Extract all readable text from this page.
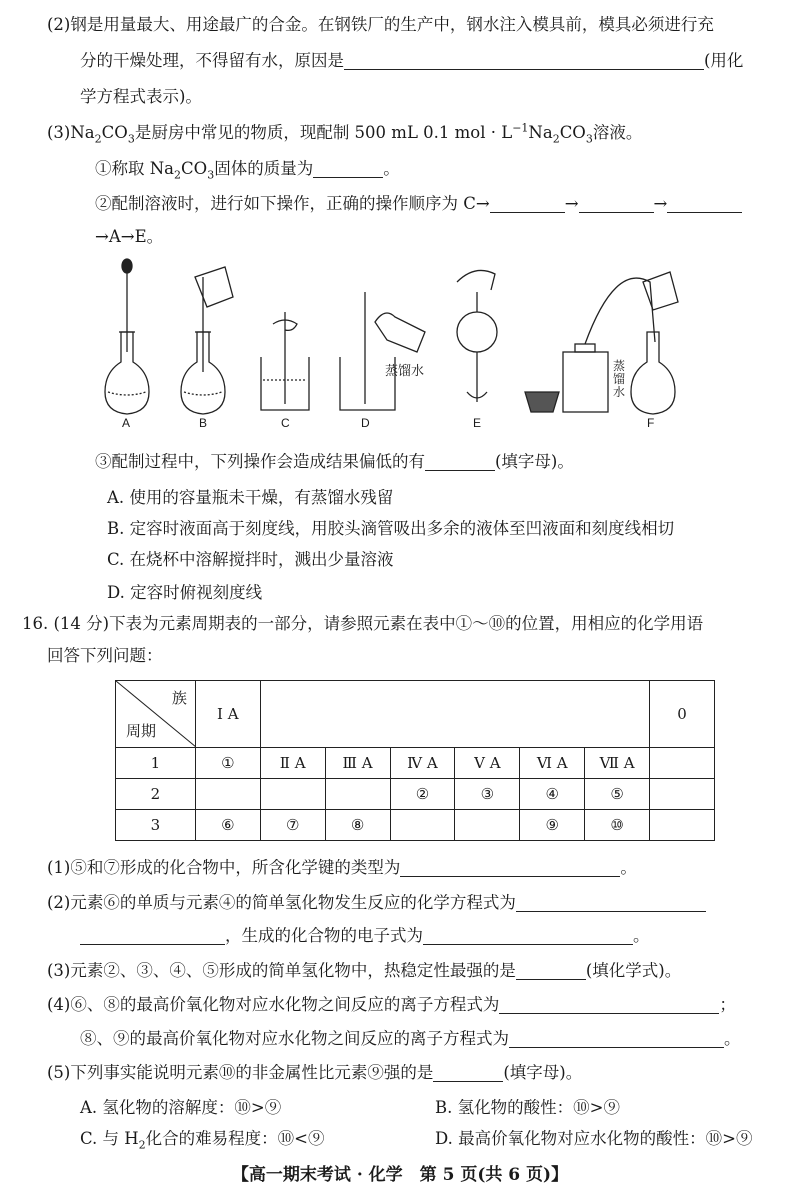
(2)钢是用量最大、用途最广的合金。在钢铁厂的生产中，钢水注入模具前，模具必须进行充
分的干燥处理，不得留有水，原因是	(用化
学方程式表示)。
$(3)Na_2CO_3$是厨房中常见的物质，现配制 500 mL 0.1 mol · $L^{-1}Na_2CO_3$溶液。
①称取 $Na_2CO_3$固体的质量为	。
②配制溶液时，进行如下操作，正确的操作顺序为 C→	→	→
→A→E。
A	B	C	D	E	F
蒸馏水	蒸
馏
水
③配制过程中，下列操作会造成结果偏低的有	(填字母)。
A. 使用的容量瓶未干燥，有蒸馏水残留
B. 定容时液面高于刻度线，用胶头滴管吸出多余的液体至凹液面和刻度线相切
C. 在烧杯中溶解搅拌时，溅出少量溶液
D. 定容时俯视刻度线
16. (14 分)下表为元素周期表的一部分，请参照元素在表中①～⑩的位置，用相应的化学用语
回答下列问题：
族
周期	Ⅰ A							0
1	①	Ⅱ A	Ⅲ A	Ⅳ A	Ⅴ A	Ⅵ A	Ⅶ A	
2				②	③	④	⑤	
3	⑥	⑦	⑧			⑨	⑩	
(1)⑤和⑦形成的化合物中，所含化学键的类型为	。
(2)元素⑥的单质与元素④的简单氢化物发生反应的化学方程式为
，生成的化合物的电子式为	。
(3)元素②、③、④、⑤形成的简单氢化物中，热稳定性最强的是	(填化学式)。
(4)⑥、⑧的最高价氧化物对应水化物之间反应的离子方程式为	；
⑧、⑨的最高价氧化物对应水化物之间反应的离子方程式为	。
(5)下列事实能说明元素⑩的非金属性比元素⑨强的是	(填字母)。
A. 氢化物的溶解度：⑩>⑨	B. 氢化物的酸性：⑩>⑨
C. 与 $H_2$化合的难易程度：⑩<⑨	D. 最高价氧化物对应水化物的酸性：⑩>⑨
【高一期末考试 · 化学　第 5 页(共 6 页)】
